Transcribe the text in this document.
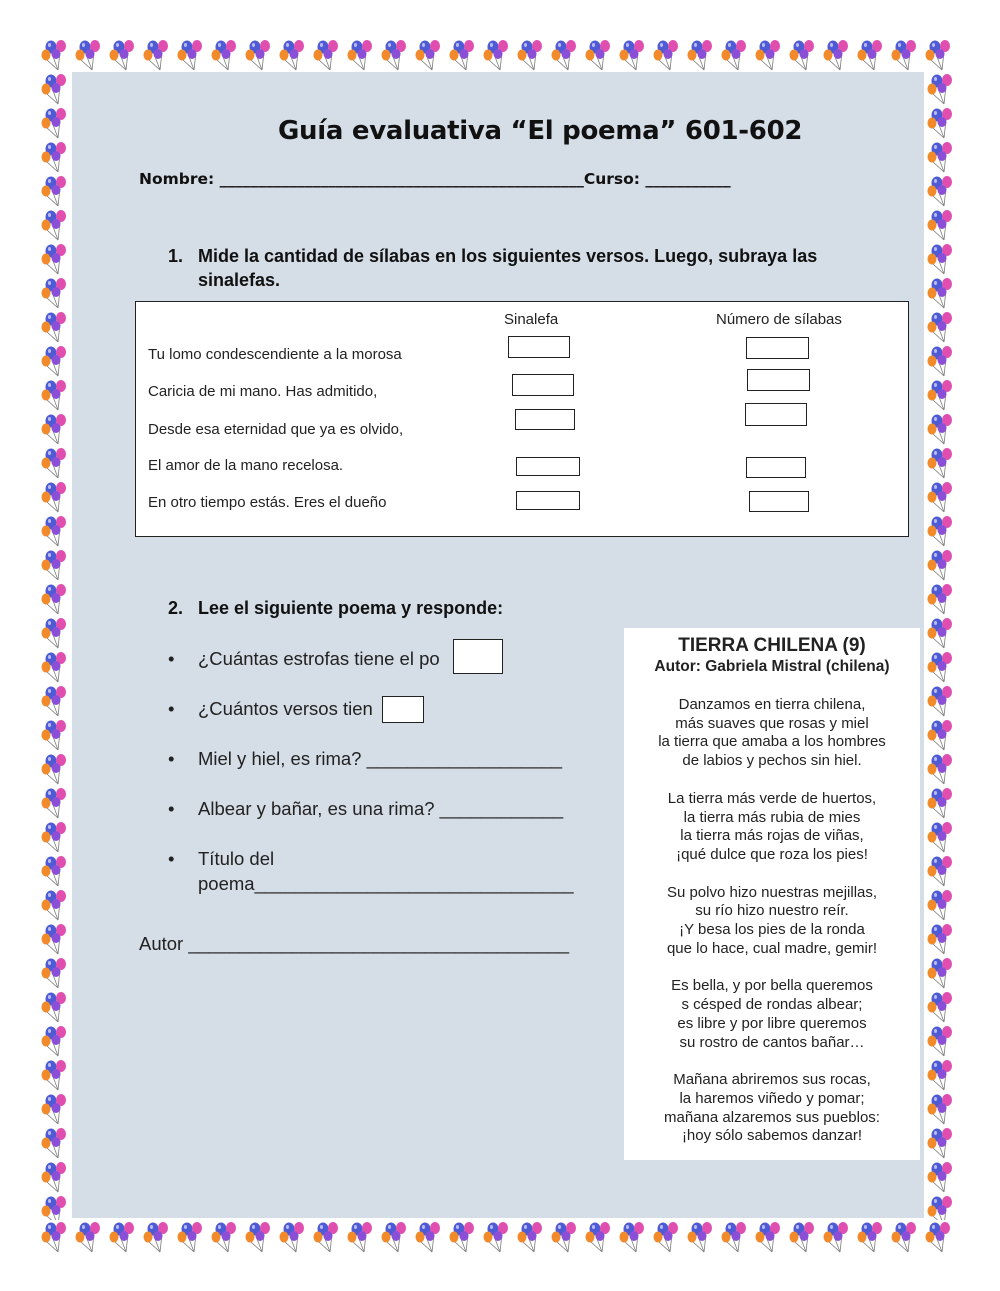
Guía evaluativa “El poema” 601-602
Nombre: _______________________________________________Curso: ___________
1. Mide la cantidad de sílabas en los siguientes versos. Luego, subraya las sinalefas.
Sinalefa	Número de sílabas
Tu lomo condescendiente a la morosa
Caricia de mi mano. Has admitido,
Desde esa eternidad que ya es olvido,
El amor de la mano recelosa.
En otro tiempo estás. Eres el dueño
2. Lee el siguiente poema y responde:
• ¿Cuántas estrofas tiene el po
• ¿Cuántos versos tien
• Miel y hiel, es rima? ___________________
• Albear y bañar, es una rima? ____________
• Título del
poema_______________________________
Autor _____________________________________
TIERRA CHILENA (9)
Autor: Gabriela Mistral (chilena)
Danzamos en tierra chilena,
más suaves que rosas y miel
la tierra que amaba a los hombres
de labios y pechos sin hiel.
La tierra más verde de huertos,
la tierra más rubia de mies
la tierra más rojas de viñas,
¡qué dulce que roza los pies!
Su polvo hizo nuestras mejillas,
su río hizo nuestro reír.
¡Y besa los pies de la ronda
que lo hace, cual madre, gemir!
Es bella, y por bella queremos
s césped de rondas albear;
es libre y por libre queremos
su rostro de cantos bañar…
Mañana abriremos sus rocas,
la haremos viñedo y pomar;
mañana alzaremos sus pueblos:
¡hoy sólo sabemos danzar!
